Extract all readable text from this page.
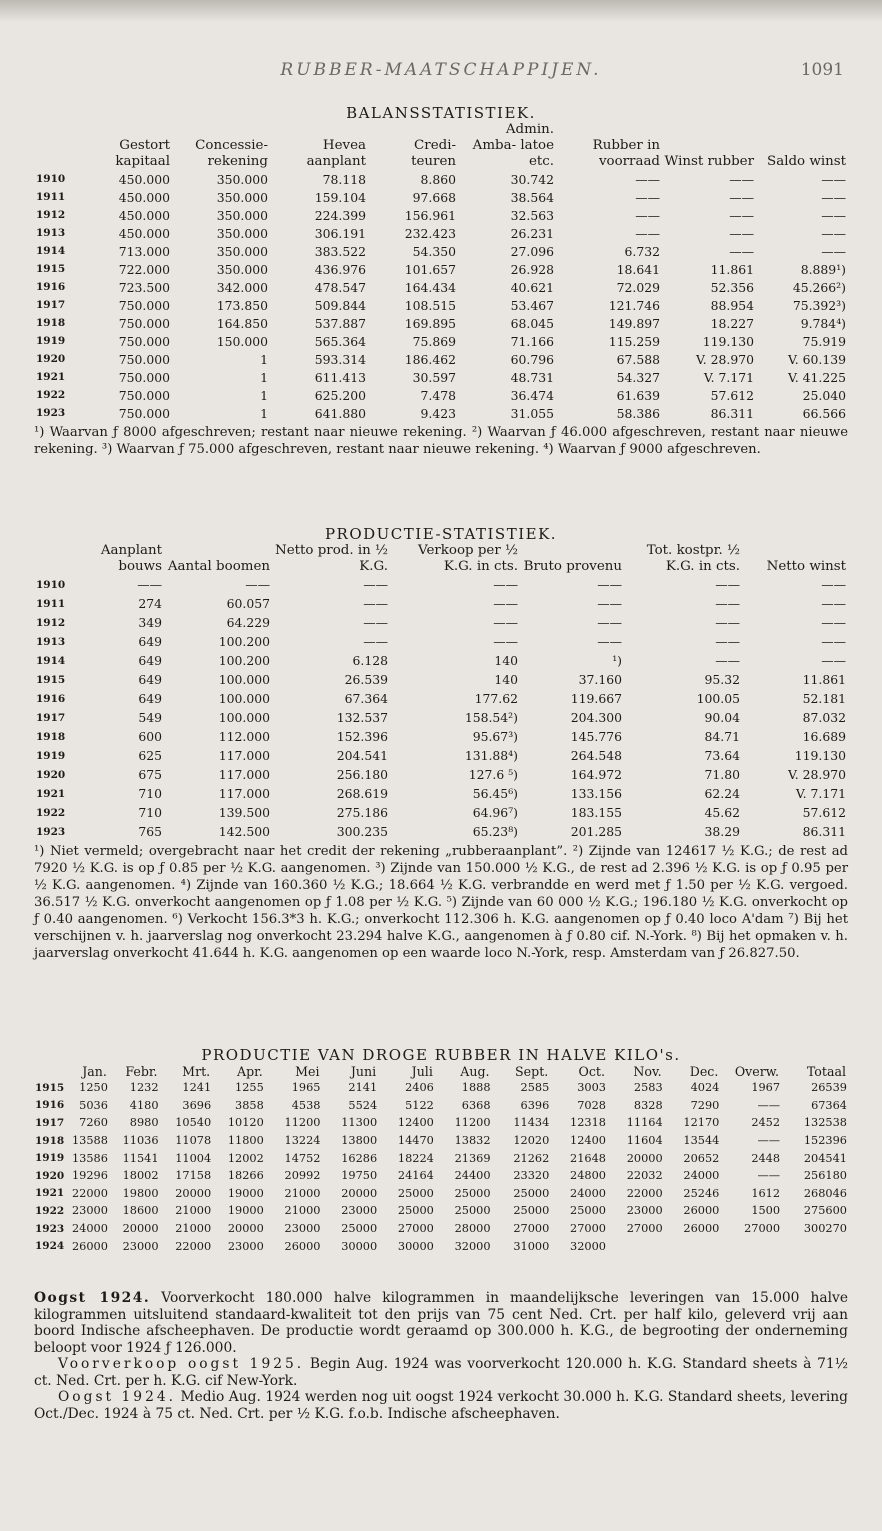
RUBBER-MAATSCHAPPIJEN.	1091

BALANSSTATISTIEK.

	Gestort kapitaal	Concessie- rekening	Hevea aanplant	Credi- teuren	Admin. Amba- latoe etc.	Rubber in voorraad	Winst rubber	Saldo winst
1910	450.000	350.000	78.118	8.860	30.742	——	——	——
1911	450.000	350.000	159.104	97.668	38.564	——	——	——
1912	450.000	350.000	224.399	156.961	32.563	——	——	——
1913	450.000	350.000	306.191	232.423	26.231	——	——	——
1914	713.000	350.000	383.522	54.350	27.096	6.732	——	——
1915	722.000	350.000	436.976	101.657	26.928	18.641	11.861	8.889¹)
1916	723.500	342.000	478.547	164.434	40.621	72.029	52.356	45.266²)
1917	750.000	173.850	509.844	108.515	53.467	121.746	88.954	75.392³)
1918	750.000	164.850	537.887	169.895	68.045	149.897	18.227	9.784⁴)
1919	750.000	150.000	565.364	75.869	71.166	115.259	119.130	75.919
1920	750.000	1	593.314	186.462	60.796	67.588	V. 28.970	V. 60.139
1921	750.000	1	611.413	30.597	48.731	54.327	V. 7.171	V. 41.225
1922	750.000	1	625.200	7.478	36.474	61.639	57.612	25.040
1923	750.000	1	641.880	9.423	31.055	58.386	86.311	66.566

¹) Waarvan ƒ 8000 afgeschreven; restant naar nieuwe rekening. ²) Waarvan ƒ 46.000 afgeschreven, restant naar nieuwe rekening. ³) Waarvan ƒ 75.000 afgeschreven, restant naar nieuwe rekening. ⁴) Waarvan ƒ 9000 afgeschreven.

PRODUCTIE-STATISTIEK.

	Aanplant bouws	Aantal boomen	Netto prod. in ½ K.G.	Verkoop per ½ K.G. in cts.	Bruto provenu	Tot. kostpr. ½ K.G. in cts.	Netto winst
1910	——	——	——	——	——	——	——
1911	274	60.057	——	——	——	——	——
1912	349	64.229	——	——	——	——	——
1913	649	100.200	——	——	——	——	——
1914	649	100.200	6.128	140	¹)	——	——
1915	649	100.000	26.539	140	37.160	95.32	11.861
1916	649	100.000	67.364	177.62	119.667	100.05	52.181
1917	549	100.000	132.537	158.54²)	204.300	90.04	87.032
1918	600	112.000	152.396	95.67³)	145.776	84.71	16.689
1919	625	117.000	204.541	131.88⁴)	264.548	73.64	119.130
1920	675	117.000	256.180	127.6 ⁵)	164.972	71.80	V. 28.970
1921	710	117.000	268.619	56.45⁶)	133.156	62.24	V. 7.171
1922	710	139.500	275.186	64.96⁷)	183.155	45.62	57.612
1923	765	142.500	300.235	65.23⁸)	201.285	38.29	86.311

¹) Niet vermeld; overgebracht naar het credit der rekening „rubberaanplant”. ²) Zijnde van 124617 ½ K.G.; de rest ad 7920 ½ K.G. is op ƒ 0.85 per ½ K.G. aangenomen. ³) Zijnde van 150.000 ½ K.G., de rest ad 2.396 ½ K.G. is op ƒ 0.95 per ½ K.G. aangenomen. ⁴) Zijnde van 160.360 ½ K.G.; 18.664 ½ K.G. verbrandde en werd met ƒ 1.50 per ½ K.G. vergoed. 36.517 ½ K.G. onverkocht aangenomen op ƒ 1.08 per ½ K.G. ⁵) Zijnde van 60 000 ½ K.G.; 196.180 ½ K.G. onverkocht op ƒ 0.40 aangenomen. ⁶) Verkocht 156.3*3 h. K.G.; onverkocht 112.306 h. K.G. aangenomen op ƒ 0.40 loco A'dam ⁷) Bij het verschijnen v. h. jaarverslag nog onverkocht 23.294 halve K.G., aangenomen à ƒ 0.80 cif. N.-York. ⁸) Bij het opmaken v. h. jaarverslag onverkocht 41.644 h. K.G. aangenomen op een waarde loco N.-York, resp. Amsterdam van ƒ 26.827.50.

PRODUCTIE VAN DROGE RUBBER IN HALVE KILO's.

	Jan.	Febr.	Mrt.	Apr.	Mei	Juni	Juli	Aug.	Sept.	Oct.	Nov.	Dec.	Overw.	Totaal
1915	1250	1232	1241	1255	1965	2141	2406	1888	2585	3003	2583	4024	1967	26539
1916	5036	4180	3696	3858	4538	5524	5122	6368	6396	7028	8328	7290	——	67364
1917	7260	8980	10540	10120	11200	11300	12400	11200	11434	12318	11164	12170	2452	132538
1918	13588	11036	11078	11800	13224	13800	14470	13832	12020	12400	11604	13544	——	152396
1919	13586	11541	11004	12002	14752	16286	18224	21369	21262	21648	20000	20652	2448	204541
1920	19296	18002	17158	18266	20992	19750	24164	24400	23320	24800	22032	24000	——	256180
1921	22000	19800	20000	19000	21000	20000	25000	25000	25000	24000	22000	25246	1612	268046
1922	23000	18600	21000	19000	21000	23000	25000	25000	25000	25000	23000	26000	1500	275600
1923	24000	20000	21000	20000	23000	25000	27000	28000	27000	27000	27000	26000	27000	300270
1924	26000	23000	22000	23000	26000	30000	30000	32000	31000	32000				

Oogst 1924. Voorverkocht 180.000 halve kilogrammen in maandelijksche leveringen van 15.000 halve kilogrammen uitsluitend standaard-kwaliteit tot den prijs van 75 cent Ned. Crt. per half kilo, geleverd vrij aan boord Indische afscheephaven. De productie wordt geraamd op 300.000 h. K.G., de begrooting der onderneming beloopt voor 1924 ƒ 126.000.

Voorverkoop oogst 1925. Begin Aug. 1924 was voorverkocht 120.000 h. K.G. Standard sheets à 71½ ct. Ned. Crt. per h. K.G. cif New-York.

Oogst 1924. Medio Aug. 1924 werden nog uit oogst 1924 verkocht 30.000 h. K.G. Standard sheets, levering Oct./Dec. 1924 à 75 ct. Ned. Crt. per ½ K.G. f.o.b. Indische afscheephaven.
